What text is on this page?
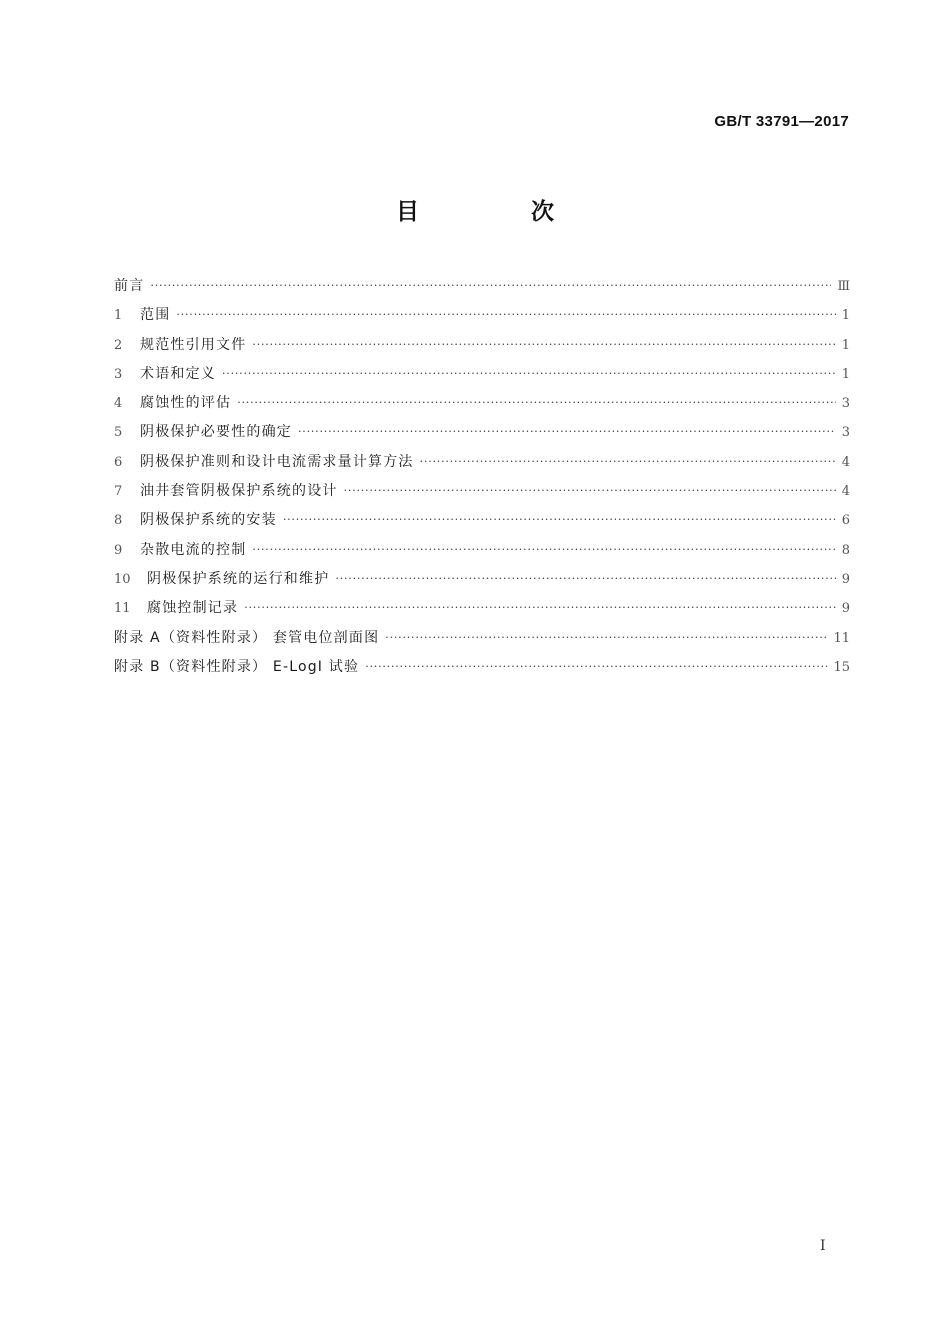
GB/T 33791—2017
目 次
前言 ·····	Ⅲ
1	范围 ·····	1
2	规范性引用文件 ·····	1
3	术语和定义 ·····	1
4	腐蚀性的评估 ·····	3
5	阴极保护必要性的确定 ·····	3
6	阴极保护准则和设计电流需求量计算方法 ·····	4
7	油井套管阴极保护系统的设计 ·····	4
8	阴极保护系统的安装 ·····	6
9	杂散电流的控制 ·····	8
10	阴极保护系统的运行和维护 ·····	9
11	腐蚀控制记录 ·····	9
附录 A（资料性附录） 套管电位剖面图 ·····	11
附录 B（资料性附录） E-LogI 试验 ·····	15
I
